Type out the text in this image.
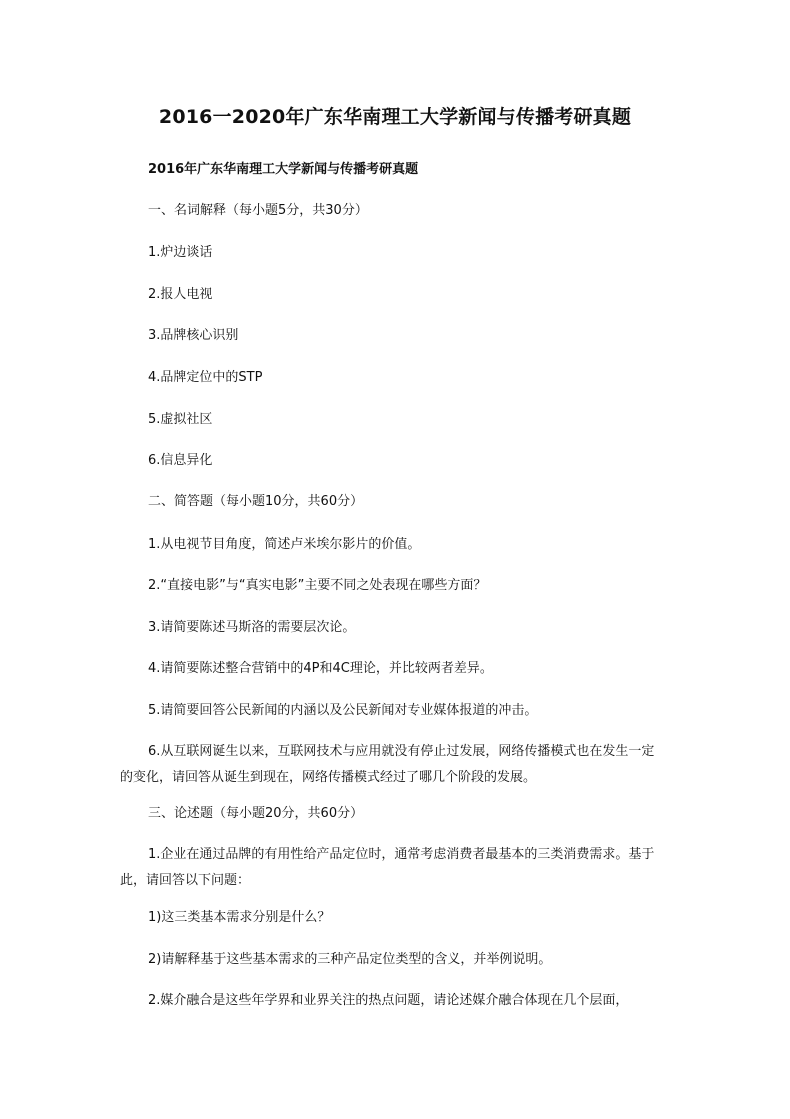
2016一2020年广东华南理工大学新闻与传播考研真题
2016年广东华南理工大学新闻与传播考研真题
一、名词解释（每小题5分，共30分）
1.炉边谈话
2.报人电视
3.品牌核心识别
4.品牌定位中的STP
5.虚拟社区
6.信息异化
二、简答题（每小题10分，共60分）
1.从电视节目角度，简述卢米埃尔影片的价值。
2.“直接电影”与“真实电影”主要不同之处表现在哪些方面？
3.请简要陈述马斯洛的需要层次论。
4.请简要陈述整合营销中的4P和4C理论，并比较两者差异。
5.请简要回答公民新闻的内涵以及公民新闻对专业媒体报道的冲击。
6.从互联网诞生以来，互联网技术与应用就没有停止过发展，网络传播模式也在发生一定的变化，请回答从诞生到现在，网络传播模式经过了哪几个阶段的发展。
三、论述题（每小题20分，共60分）
1.企业在通过品牌的有用性给产品定位时，通常考虑消费者最基本的三类消费需求。基于此，请回答以下问题：
1)这三类基本需求分别是什么？
2)请解释基于这些基本需求的三种产品定位类型的含义，并举例说明。
2.媒介融合是这些年学界和业界关注的热点问题，请论述媒介融合体现在几个层面，
